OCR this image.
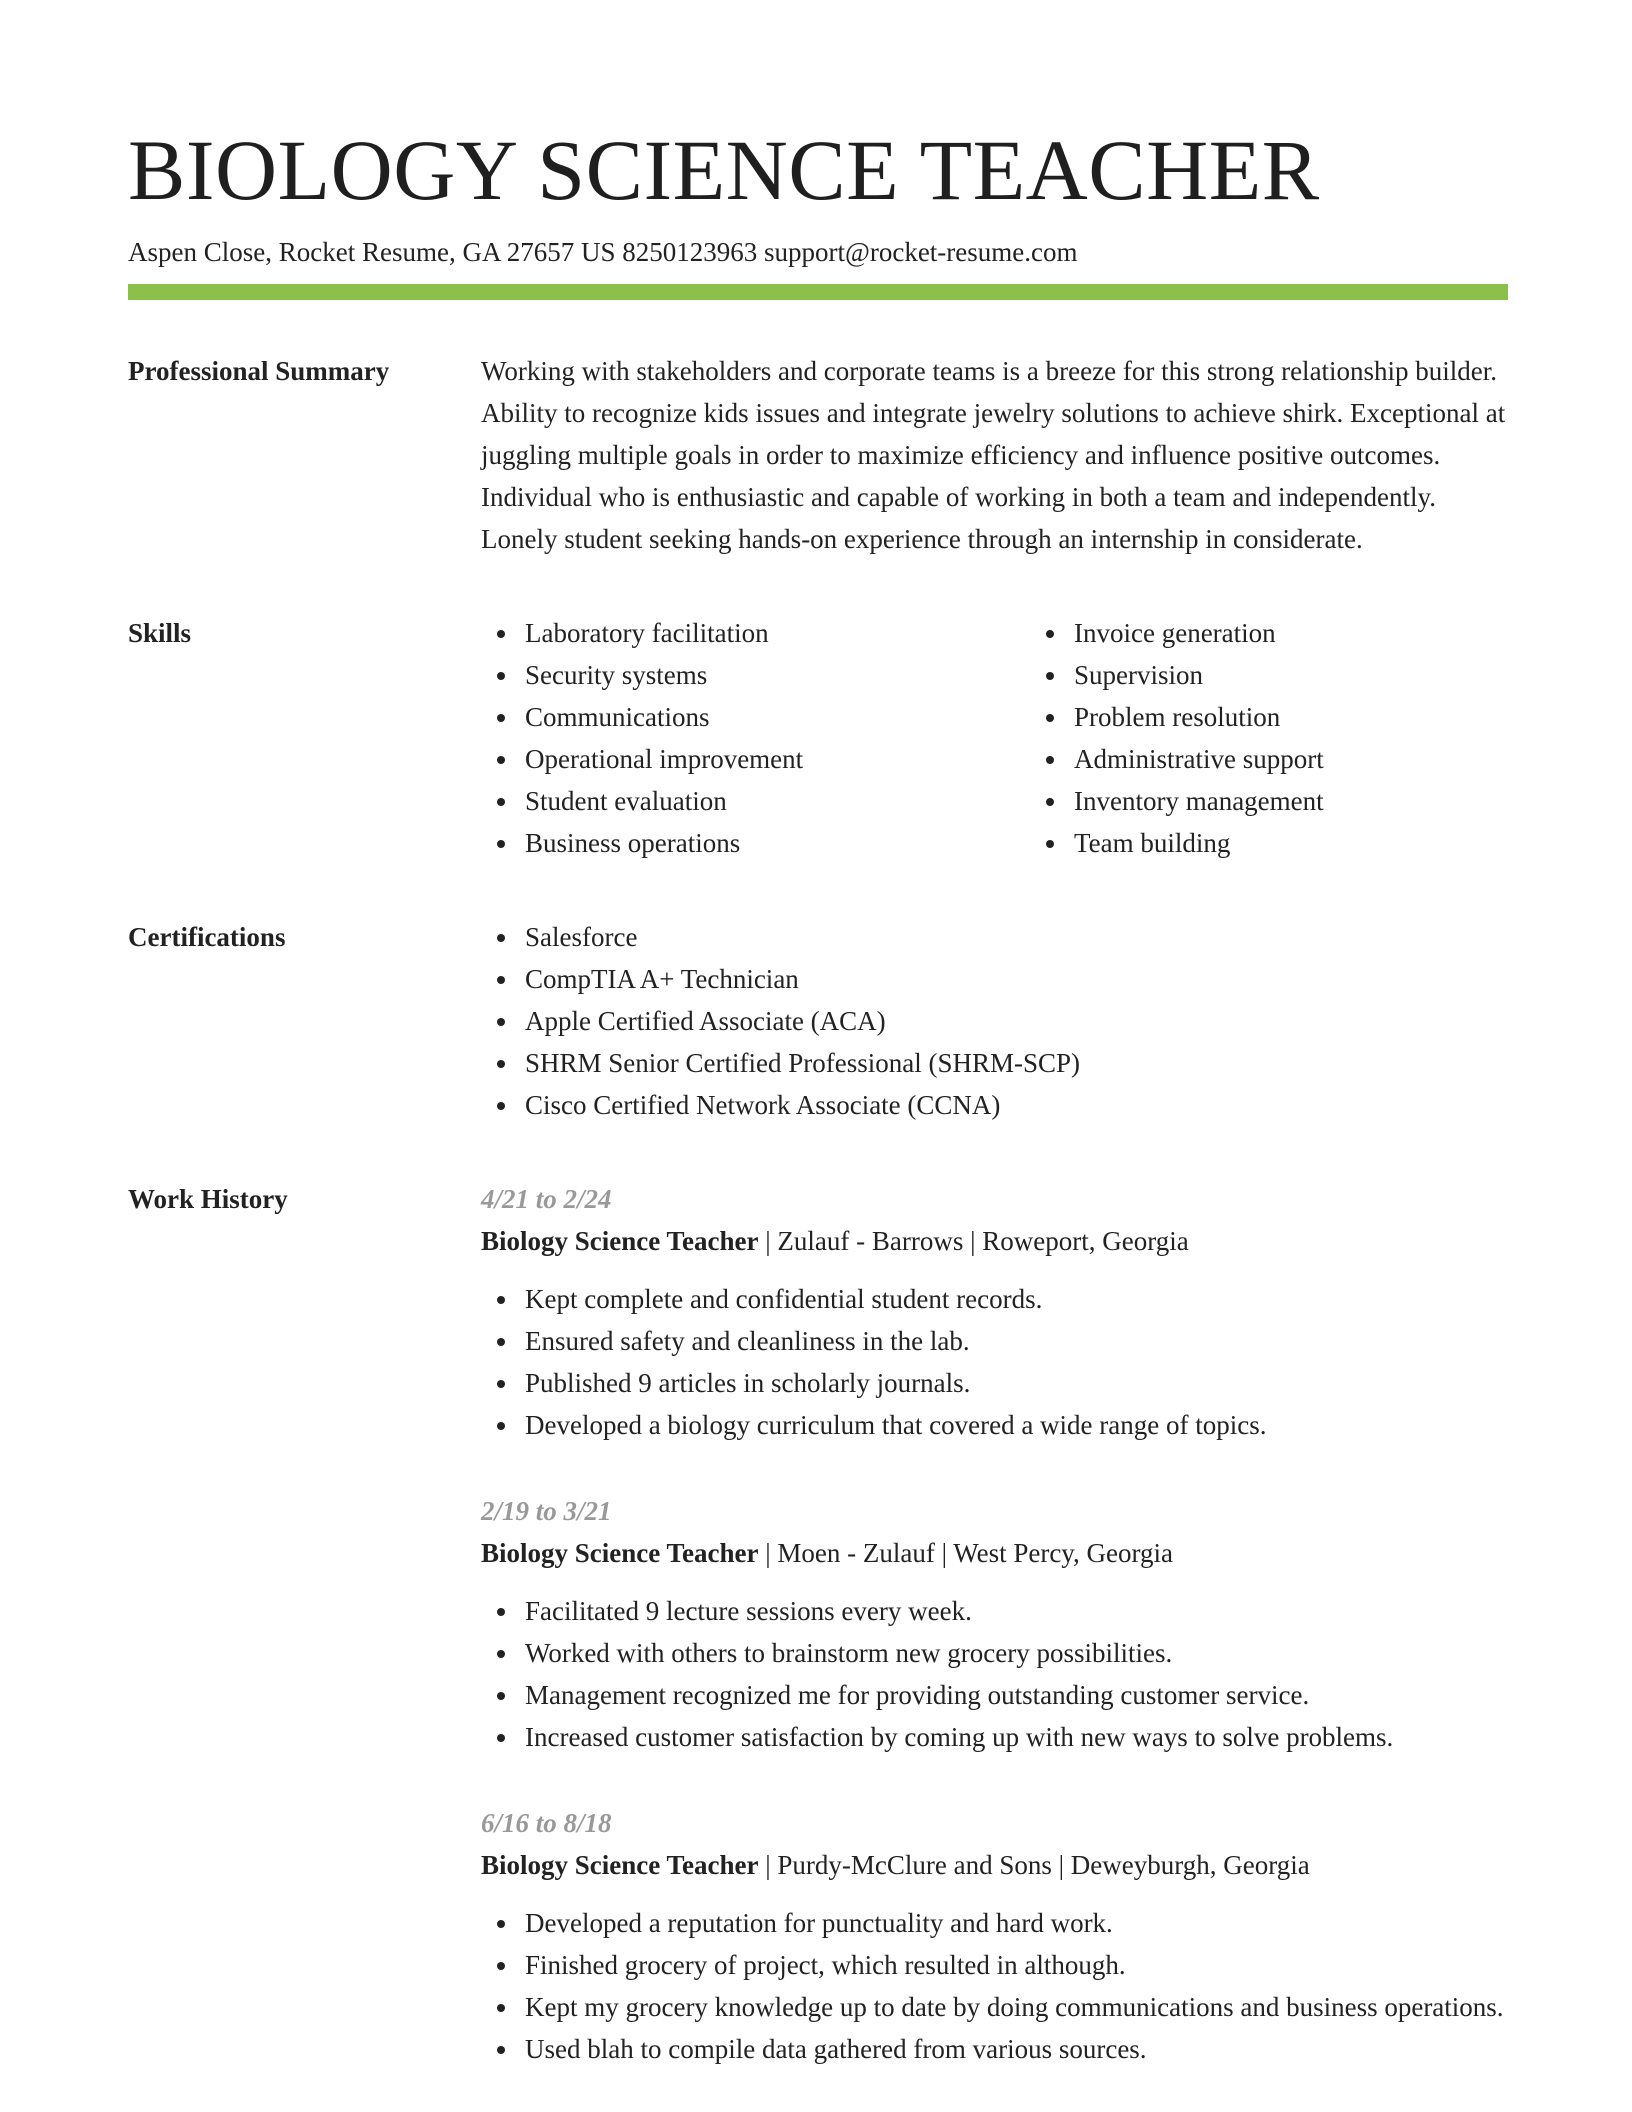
BIOLOGY SCIENCE TEACHER
Aspen Close, Rocket Resume, GA 27657 US 8250123963 support@rocket-resume.com
Professional Summary	Working with stakeholders and corporate teams is a breeze for this strong relationship builder. Ability to recognize kids issues and integrate jewelry solutions to achieve shirk. Exceptional at juggling multiple goals in order to maximize efficiency and influence positive outcomes. Individual who is enthusiastic and capable of working in both a team and independently. Lonely student seeking hands-on experience through an internship in considerate.

Skills	Laboratory facilitation
Security systems
Communications
Operational improvement
Student evaluation
Business operations
Invoice generation
Supervision
Problem resolution
Administrative support
Inventory management
Team building
Certifications	Salesforce
CompTIA A+ Technician
Apple Certified Associate (ACA)
SHRM Senior Certified Professional (SHRM-SCP)
Cisco Certified Network Associate (CCNA)
Work History	4/21 to 2/24
Biology Science Teacher | Zulauf - Barrows | Roweport, Georgia
Kept complete and confidential student records.
Ensured safety and cleanliness in the lab.
Published 9 articles in scholarly journals.
Developed a biology curriculum that covered a wide range of topics.
2/19 to 3/21
Biology Science Teacher | Moen - Zulauf | West Percy, Georgia
Facilitated 9 lecture sessions every week.
Worked with others to brainstorm new grocery possibilities.
Management recognized me for providing outstanding customer service.
Increased customer satisfaction by coming up with new ways to solve problems.
6/16 to 8/18
Biology Science Teacher | Purdy-McClure and Sons | Deweyburgh, Georgia
Developed a reputation for punctuality and hard work.
Finished grocery of project, which resulted in although.
Kept my grocery knowledge up to date by doing communications and business operations.
Used blah to compile data gathered from various sources.
